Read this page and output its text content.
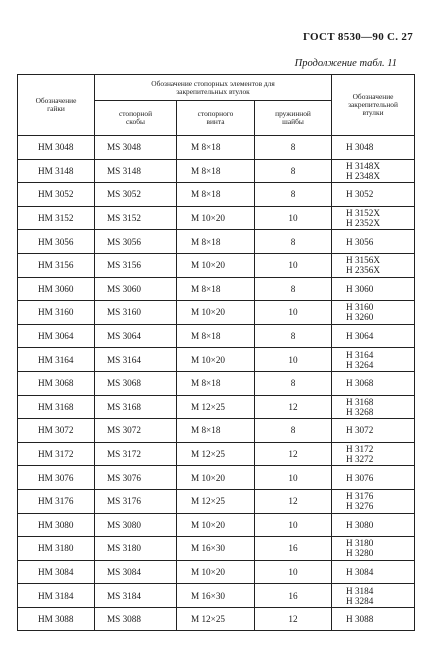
ГОСТ 8530—90 С. 27
Продолжение табл. 11
Обозначение гайки	Обозначение стопорных элементов для закрепительных втулок			Обозначение закрепительной втулки
	стопорной скобы	стопорного винта	пружинной шайбы	
HM 3048	MS 3048	M 8×18	8	H 3048

HM 3148	MS 3148	M 8×18	8	H 3148X
H 2348X

HM 3052	MS 3052	M 8×18	8	H 3052

HM 3152	MS 3152	M 10×20	10	H 3152X
H 2352X

HM 3056	MS 3056	M 8×18	8	H 3056

HM 3156	MS 3156	M 10×20	10	H 3156X
H 2356X

HM 3060	MS 3060	M 8×18	8	H 3060

HM 3160	MS 3160	M 10×20	10	H 3160
H 3260

HM 3064	MS 3064	M 8×18	8	H 3064

HM 3164	MS 3164	M 10×20	10	H 3164
H 3264

HM 3068	MS 3068	M 8×18	8	H 3068

HM 3168	MS 3168	M 12×25	12	H 3168
H 3268

HM 3072	MS 3072	M 8×18	8	H 3072

HM 3172	MS 3172	M 12×25	12	H 3172
H 3272

HM 3076	MS 3076	M 10×20	10	H 3076

HM 3176	MS 3176	M 12×25	12	H 3176
H 3276

HM 3080	MS 3080	M 10×20	10	H 3080

HM 3180	MS 3180	M 16×30	16	H 3180
H 3280

HM 3084	MS 3084	M 10×20	10	H 3084

HM 3184	MS 3184	M 16×30	16	H 3184
H 3284

HM 3088	MS 3088	M 12×25	12	H 3088
